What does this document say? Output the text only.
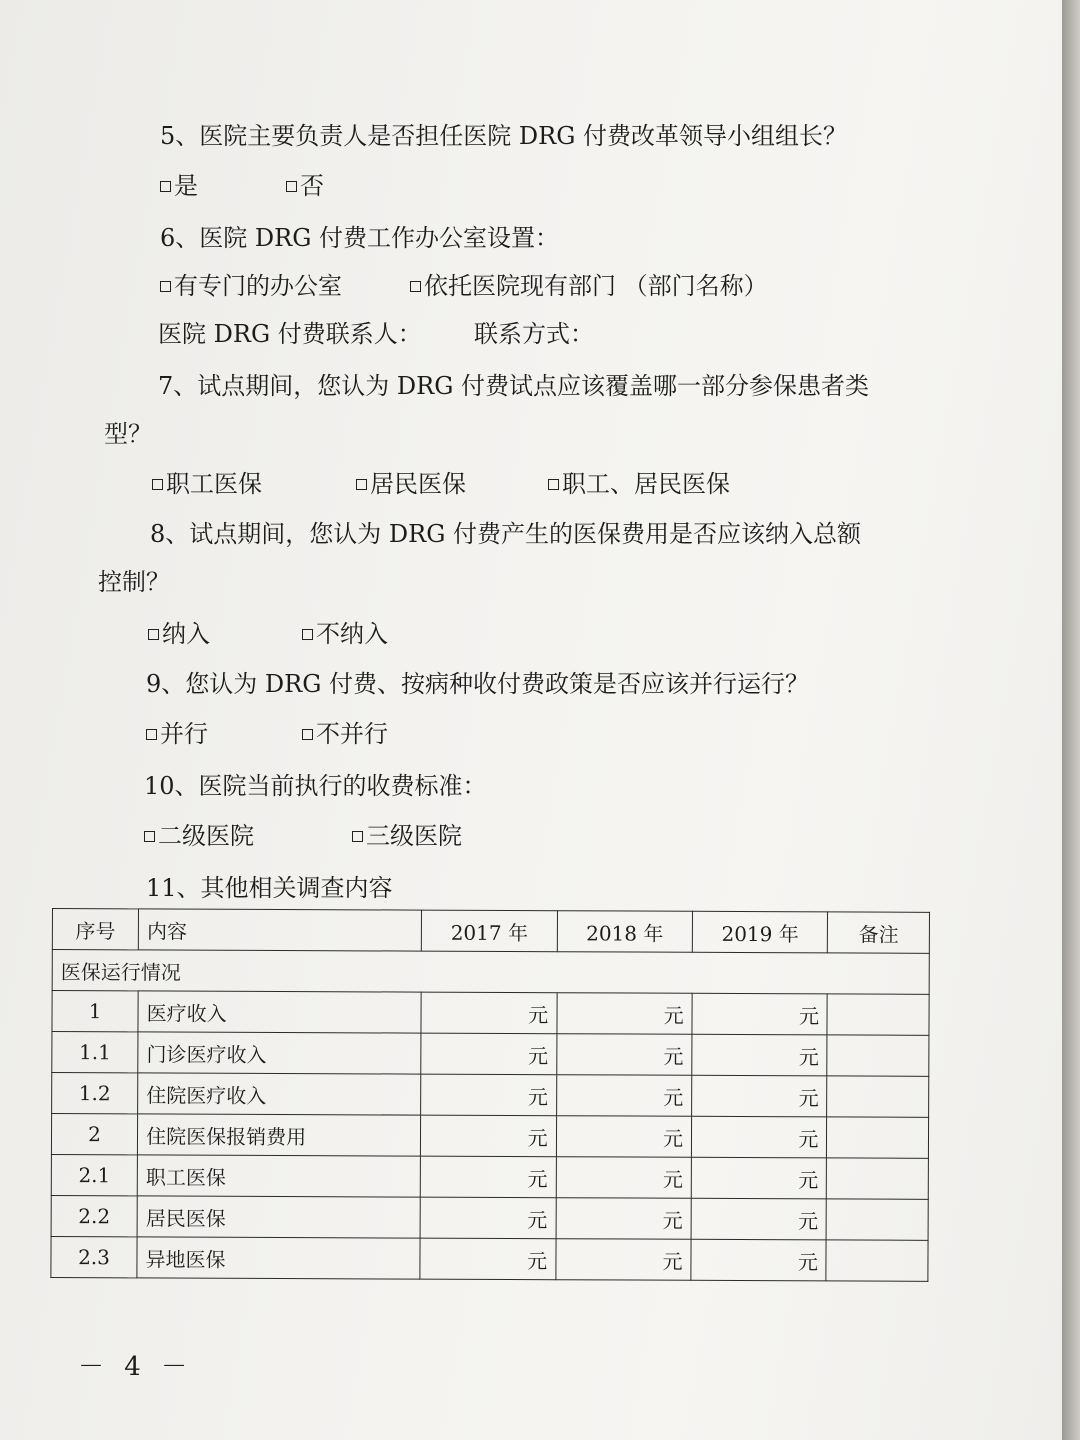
5、医院主要负责人是否担任医院 DRG 付费改革领导小组组长？
是	否
6、医院 DRG 付费工作办公室设置：
有专门的办公室	依托医院现有部门 （部门名称）
医院 DRG 付费联系人： 联系方式：
7、试点期间，您认为 DRG 付费试点应该覆盖哪一部分参保患者类
型？
职工医保	居民医保	职工、居民医保
8、试点期间，您认为 DRG 付费产生的医保费用是否应该纳入总额
控制？
纳入	不纳入
9、您认为 DRG 付费、按病种收付费政策是否应该并行运行？
并行	不并行
10、医院当前执行的收费标准：
二级医院	三级医院
11、其他相关调查内容
序号	内容	2017 年	2018 年	2019 年	备注
医保运行情况					
1	医疗收入	元	元	元	
1.1	门诊医疗收入	元	元	元	
1.2	住院医疗收入	元	元	元	
2	住院医保报销费用	元	元	元	
2.1	职工医保	元	元	元	
2.2	居民医保	元	元	元	
2.3	异地医保	元	元	元	
－ 4 －
